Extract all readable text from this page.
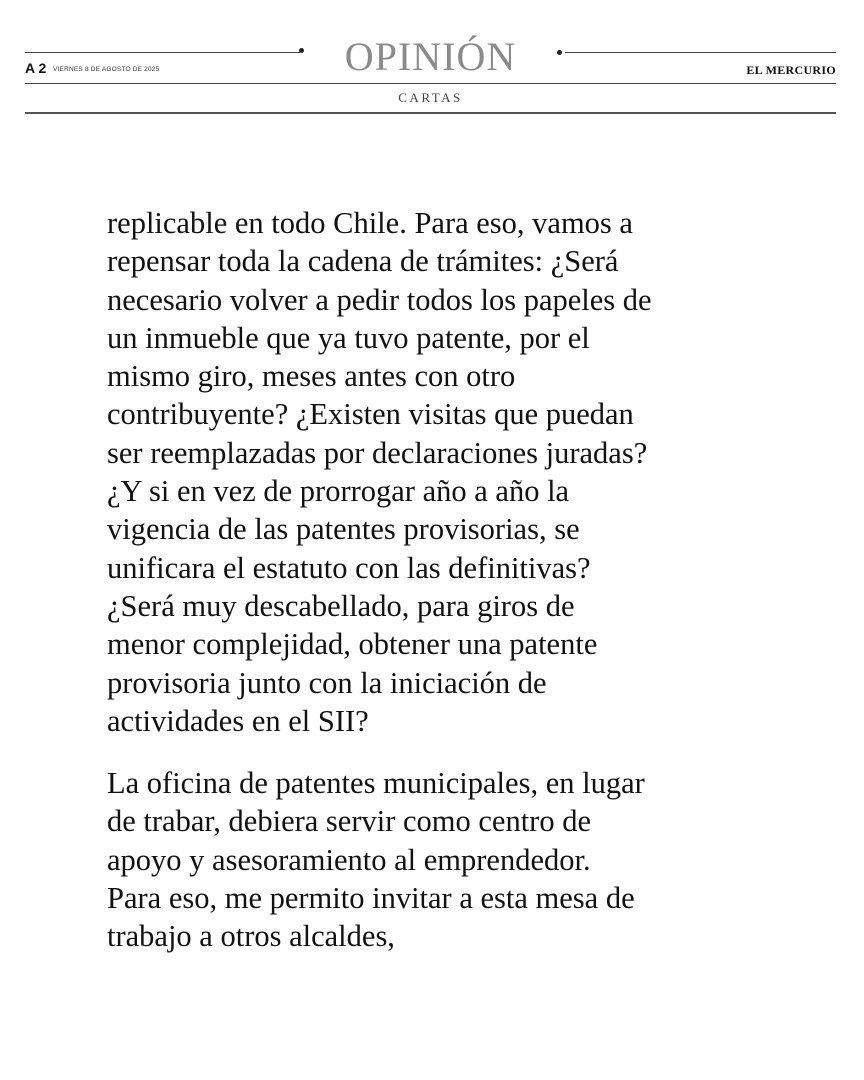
OPINIÓN
A 2 VIERNES 8 DE AGOSTO DE 2025	EL MERCURIO
CARTAS

replicable en todo Chile. Para eso, vamos a
repensar toda la cadena de trámites: ¿Será
necesario volver a pedir todos los papeles de
un inmueble que ya tuvo patente, por el
mismo giro, meses antes con otro
contribuyente? ¿Existen visitas que puedan
ser reemplazadas por declaraciones juradas?
¿Y si en vez de prorrogar año a año la
vigencia de las patentes provisorias, se
unificara el estatuto con las definitivas?
¿Será muy descabellado, para giros de
menor complejidad, obtener una patente
provisoria junto con la iniciación de
actividades en el SII?

La oficina de patentes municipales, en lugar
de trabar, debiera servir como centro de
apoyo y asesoramiento al emprendedor.
Para eso, me permito invitar a esta mesa de
trabajo a otros alcaldes,
